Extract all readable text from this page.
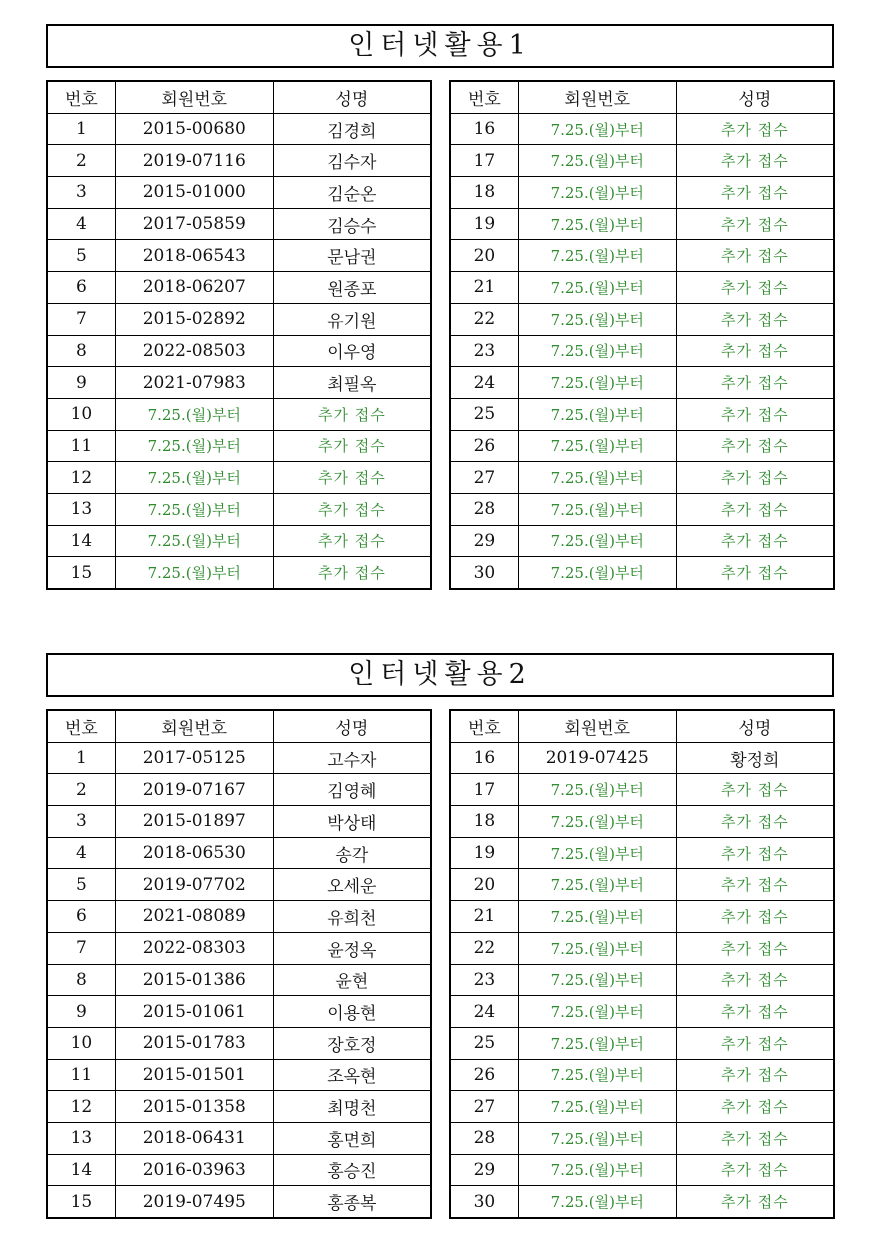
인터넷활용1
번호	회원번호	성명
1	2015-00680	김경희
2	2019-07116	김수자
3	2015-01000	김순온
4	2017-05859	김승수
5	2018-06543	문남권
6	2018-06207	원종포
7	2015-02892	유기원
8	2022-08503	이우영
9	2021-07983	최필옥
10	7.25.(월)부터	추가 접수
11	7.25.(월)부터	추가 접수
12	7.25.(월)부터	추가 접수
13	7.25.(월)부터	추가 접수
14	7.25.(월)부터	추가 접수
15	7.25.(월)부터	추가 접수
번호	회원번호	성명
16	7.25.(월)부터	추가 접수
17	7.25.(월)부터	추가 접수
18	7.25.(월)부터	추가 접수
19	7.25.(월)부터	추가 접수
20	7.25.(월)부터	추가 접수
21	7.25.(월)부터	추가 접수
22	7.25.(월)부터	추가 접수
23	7.25.(월)부터	추가 접수
24	7.25.(월)부터	추가 접수
25	7.25.(월)부터	추가 접수
26	7.25.(월)부터	추가 접수
27	7.25.(월)부터	추가 접수
28	7.25.(월)부터	추가 접수
29	7.25.(월)부터	추가 접수
30	7.25.(월)부터	추가 접수
인터넷활용2
번호	회원번호	성명
1	2017-05125	고수자
2	2019-07167	김영혜
3	2015-01897	박상태
4	2018-06530	송각
5	2019-07702	오세운
6	2021-08089	유희천
7	2022-08303	윤정옥
8	2015-01386	윤현
9	2015-01061	이용현
10	2015-01783	장호정
11	2015-01501	조옥현
12	2015-01358	최명천
13	2018-06431	홍면희
14	2016-03963	홍승진
15	2019-07495	홍종복
번호	회원번호	성명
16	2019-07425	황정희
17	7.25.(월)부터	추가 접수
18	7.25.(월)부터	추가 접수
19	7.25.(월)부터	추가 접수
20	7.25.(월)부터	추가 접수
21	7.25.(월)부터	추가 접수
22	7.25.(월)부터	추가 접수
23	7.25.(월)부터	추가 접수
24	7.25.(월)부터	추가 접수
25	7.25.(월)부터	추가 접수
26	7.25.(월)부터	추가 접수
27	7.25.(월)부터	추가 접수
28	7.25.(월)부터	추가 접수
29	7.25.(월)부터	추가 접수
30	7.25.(월)부터	추가 접수
